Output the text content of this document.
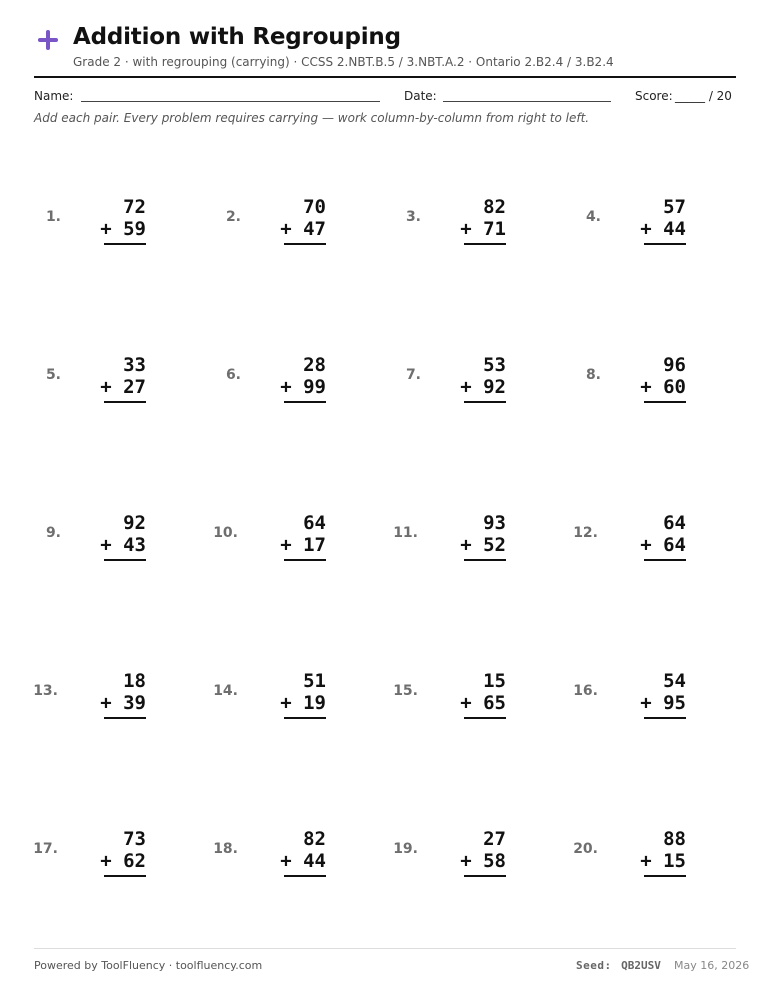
Addition with Regrouping
Grade 2 · with regrouping (carrying) · CCSS 2.NBT.B.5 / 3.NBT.A.2 · Ontario 2.B2.4 / 3.B2.4
Name:	Date:	Score: _____ / 20
Add each pair. Every problem requires carrying — work column-by-column from right to left.
1.	72
+ 59
2.	70
+ 47
3.	82
+ 71
4.	57
+ 44
5.	33
+ 27
6.	28
+ 99
7.	53
+ 92
8.	96
+ 60
9.	92
+ 43
10.	64
+ 17
11.	93
+ 52
12.	64
+ 64
13.	18
+ 39
14.	51
+ 19
15.	15
+ 65
16.	54
+ 95
17.	73
+ 62
18.	82
+ 44
19.	27
+ 58
20.	88
+ 15
Powered by ToolFluency · toolfluency.com	Seed: QB2USV May 16, 2026
